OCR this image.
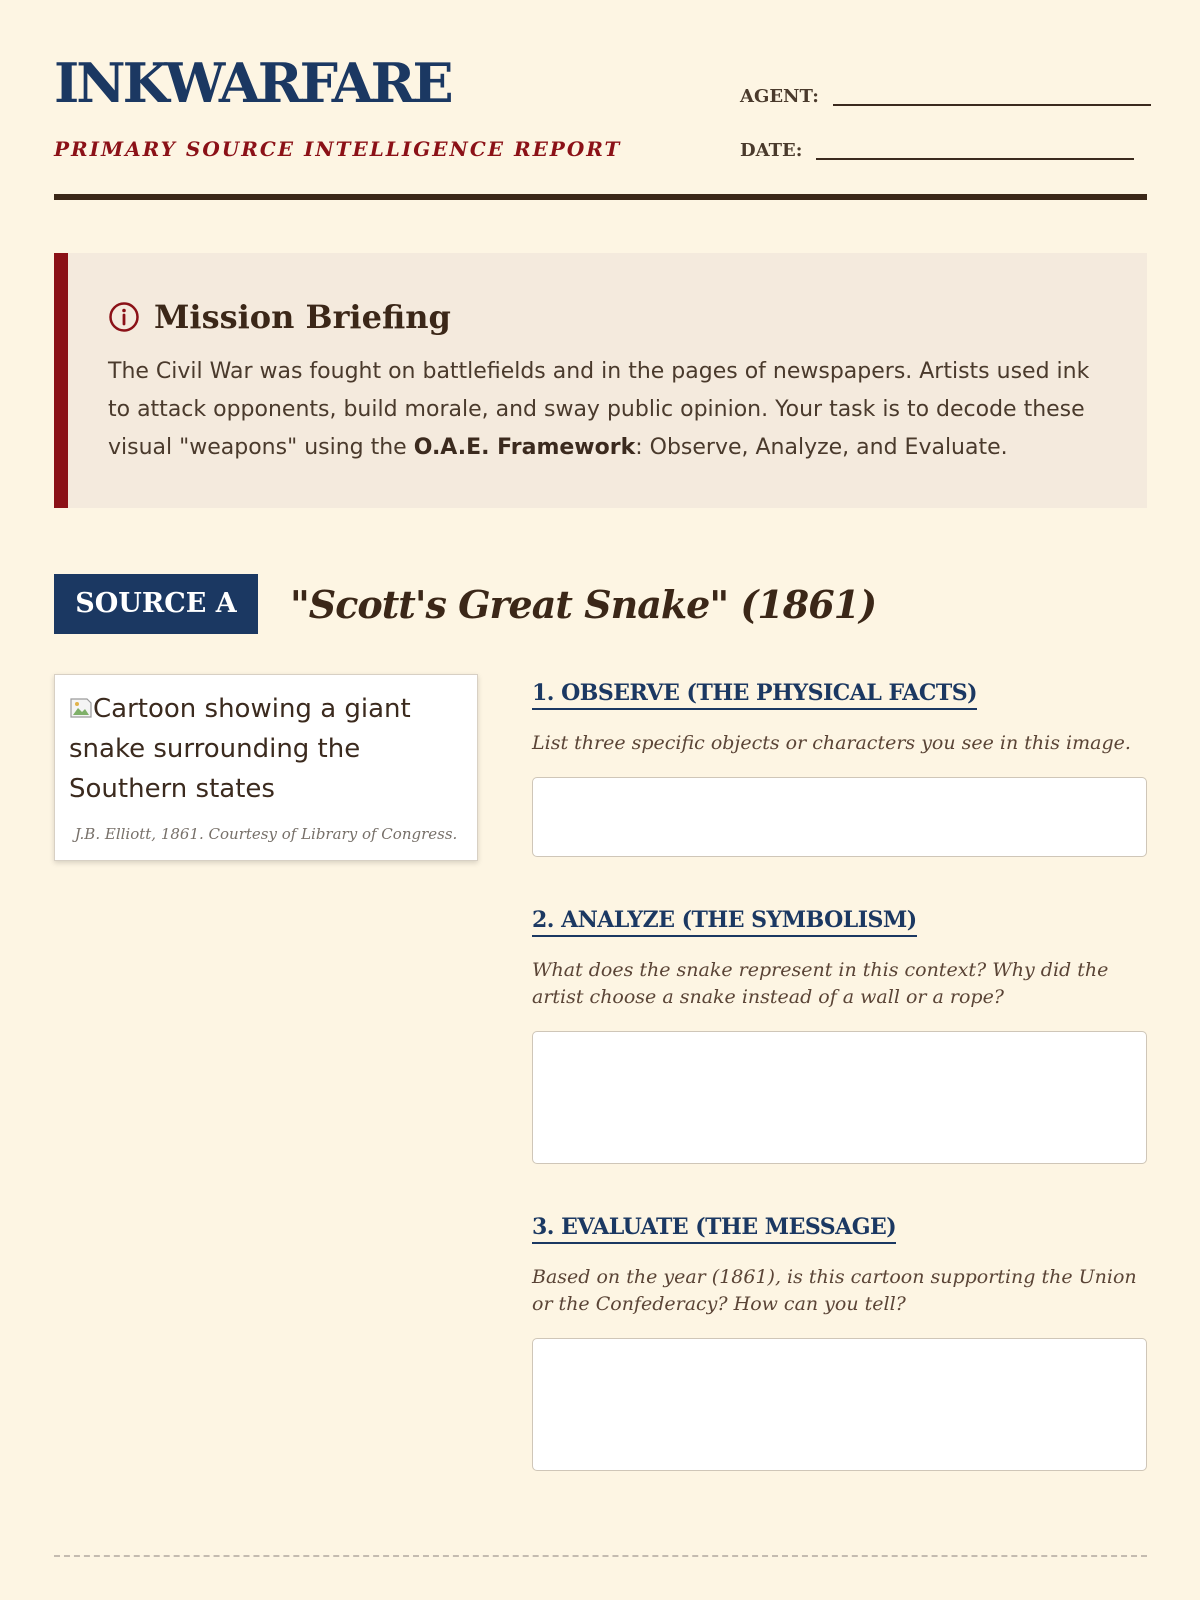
INKWARFARE
PRIMARY SOURCE INTELLIGENCE REPORT
AGENT:
DATE:
Mission Briefing
The Civil War was fought on battlefields and in the pages of newspapers. Artists used ink to attack opponents, build morale, and sway public opinion. Your task is to decode these visual "weapons" using the O.A.E. Framework: Observe, Analyze, and Evaluate.
SOURCE A	"Scott's Great Snake" (1861)
Cartoon showing a giant snake surrounding the Southern states
J.B. Elliott, 1861. Courtesy of Library of Congress.
1. OBSERVE (THE PHYSICAL FACTS)
List three specific objects or characters you see in this image.
2. ANALYZE (THE SYMBOLISM)
What does the snake represent in this context? Why did the artist choose a snake instead of a wall or a rope?
3. EVALUATE (THE MESSAGE)
Based on the year (1861), is this cartoon supporting the Union or the Confederacy? How can you tell?
